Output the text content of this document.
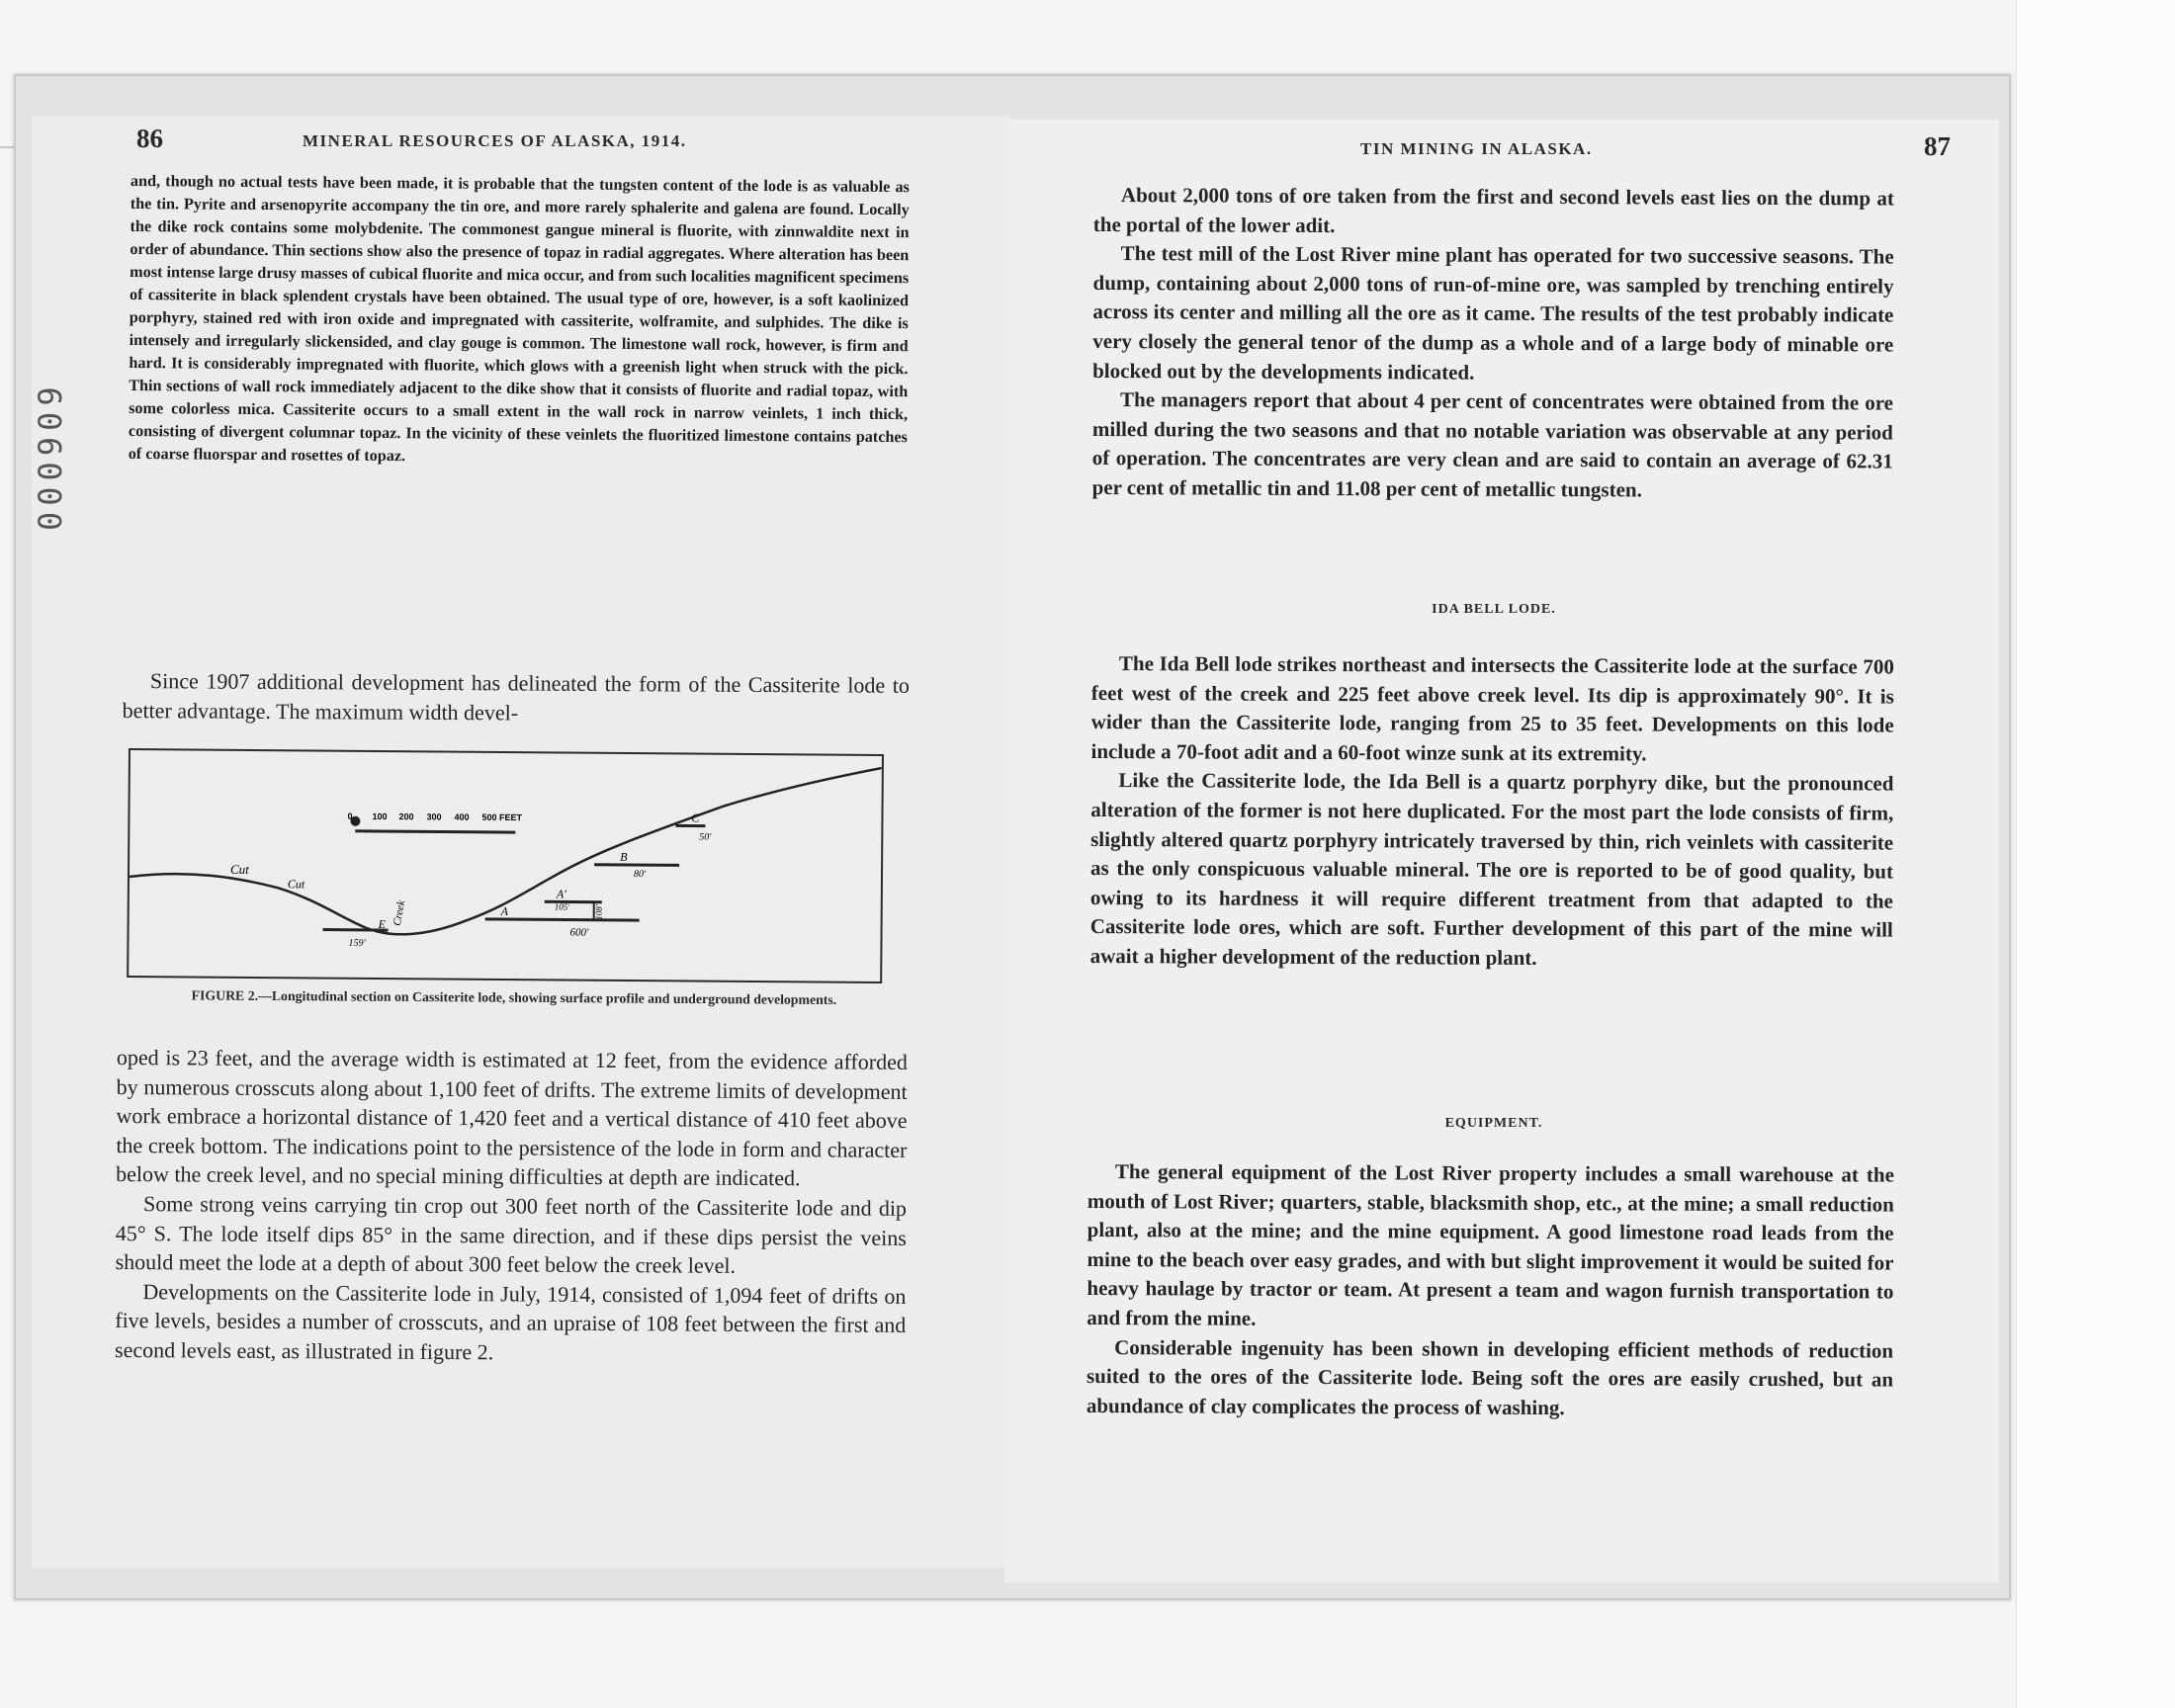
86	MINERAL RESOURCES OF ALASKA, 1914.

and, though no actual tests have been made, it is probable that the tungsten content of the lode is as valuable as the tin. Pyrite and arsenopyrite accompany the tin ore, and more rarely sphalerite and galena are found. Locally the dike rock contains some molybdenite. The commonest gangue mineral is fluorite, with zinnwaldite next in order of abundance. Thin sections show also the presence of topaz in radial aggregates. Where alteration has been most intense large drusy masses of cubical fluorite and mica occur, and from such localities magnificent specimens of cassiterite in black splendent crystals have been obtained. The usual type of ore, however, is a soft kaolinized porphyry, stained red with iron oxide and impregnated with cassiterite, wolframite, and sulphides. The dike is intensely and irregularly slickensided, and clay gouge is common. The limestone wall rock, however, is firm and hard. It is considerably impregnated with fluorite, which glows with a greenish light when struck with the pick. Thin sections of wall rock immediately adjacent to the dike show that it consists of fluorite and radial topaz, with some colorless mica. Cassiterite occurs to a small extent in the wall rock in narrow veinlets, 1 inch thick, consisting of divergent columnar topaz. In the vicinity of these veinlets the fluoritized limestone contains patches of coarse fluorspar and rosettes of topaz.

Since 1907 additional development has delineated the form of the Cassiterite lode to better advantage. The maximum width devel-

0 100 200 300 400 500 FEET
Cut
Cut
E
159'
Creek	A
A'
105'	108'
600'
B
80'
C
50'
FIGURE 2.—Longitudinal section on Cassiterite lode, showing surface profile and underground developments.

oped is 23 feet, and the average width is estimated at 12 feet, from the evidence afforded by numerous crosscuts along about 1,100 feet of drifts. The extreme limits of development work embrace a horizontal distance of 1,420 feet and a vertical distance of 410 feet above the creek bottom. The indications point to the persistence of the lode in form and character below the creek level, and no special mining difficulties at depth are indicated.

Some strong veins carrying tin crop out 300 feet north of the Cassiterite lode and dip 45° S. The lode itself dips 85° in the same direction, and if these dips persist the veins should meet the lode at a depth of about 300 feet below the creek level.

Developments on the Cassiterite lode in July, 1914, consisted of 1,094 feet of drifts on five levels, besides a number of crosscuts, and an upraise of 108 feet between the first and second levels east, as illustrated in figure 2.

TIN MINING IN ALASKA.	87

About 2,000 tons of ore taken from the first and second levels east lies on the dump at the portal of the lower adit.

The test mill of the Lost River mine plant has operated for two successive seasons. The dump, containing about 2,000 tons of run-of-mine ore, was sampled by trenching entirely across its center and milling all the ore as it came. The results of the test probably indicate very closely the general tenor of the dump as a whole and of a large body of minable ore blocked out by the developments indicated.

The managers report that about 4 per cent of concentrates were obtained from the ore milled during the two seasons and that no notable variation was observable at any period of operation. The concentrates are very clean and are said to contain an average of 62.31 per cent of metallic tin and 11.08 per cent of metallic tungsten.

IDA BELL LODE.

The Ida Bell lode strikes northeast and intersects the Cassiterite lode at the surface 700 feet west of the creek and 225 feet above creek level. Its dip is approximately 90°. It is wider than the Cassiterite lode, ranging from 25 to 35 feet. Developments on this lode include a 70-foot adit and a 60-foot winze sunk at its extremity.

Like the Cassiterite lode, the Ida Bell is a quartz porphyry dike, but the pronounced alteration of the former is not here duplicated. For the most part the lode consists of firm, slightly altered quartz porphyry intricately traversed by thin, rich veinlets with cassiterite as the only conspicuous valuable mineral. The ore is reported to be of good quality, but owing to its hardness it will require different treatment from that adapted to the Cassiterite lode ores, which are soft. Further development of this part of the mine will await a higher development of the reduction plant.

EQUIPMENT.

The general equipment of the Lost River property includes a small warehouse at the mouth of Lost River; quarters, stable, blacksmith shop, etc., at the mine; a small reduction plant, also at the mine; and the mine equipment. A good limestone road leads from the mine to the beach over easy grades, and with but slight improvement it would be suited for heavy haulage by tractor or team. At present a team and wagon furnish transportation to and from the mine.

Considerable ingenuity has been shown in developing efficient methods of reduction suited to the ores of the Cassiterite lode. Being soft the ores are easily crushed, but an abundance of clay complicates the process of washing.

000909
